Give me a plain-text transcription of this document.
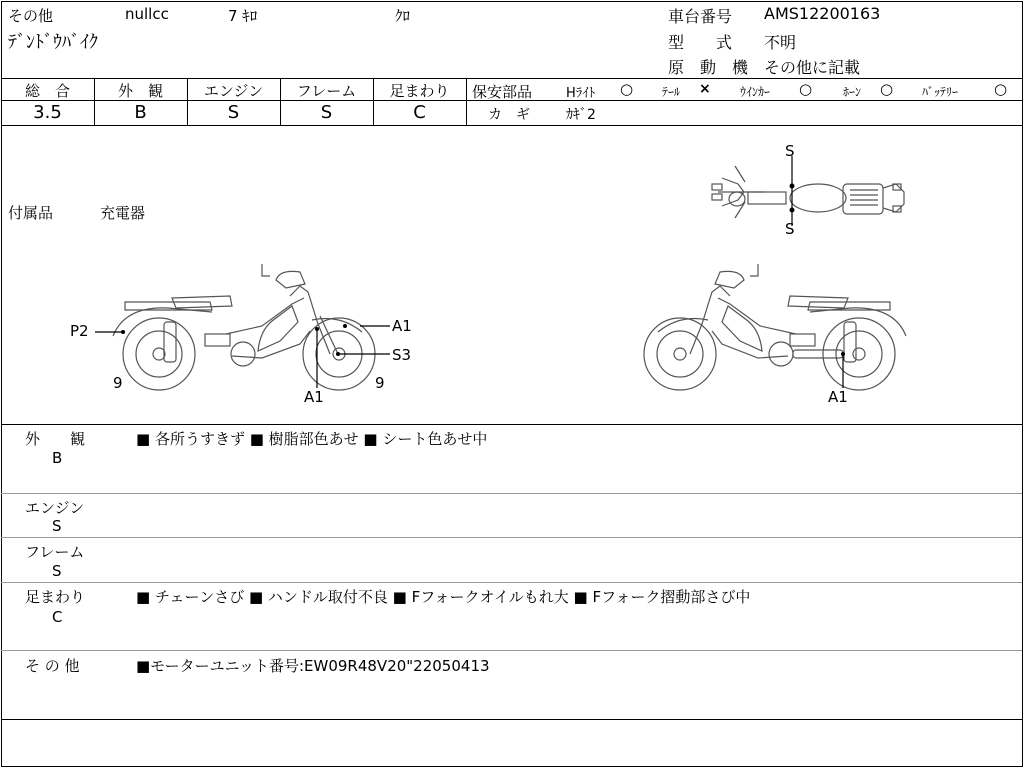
その他	nullcc	7 ｷﾛ	ｸﾛ
ﾃﾞﾝﾄﾞｳﾊﾞｲｸ
車台番号 AMS12200163
型　　式 不明
原　動　機 その他に記載
総　合	外　観	エンジン	フレーム	足まわり
3.5	B	S	S	C
保安部品	Hﾗｲﾄ ○ ﾃｰﾙ × ｳｲﾝｶｰ ○	ﾎｰﾝ ○ ﾊﾞｯﾃﾘｰ ○
カ　ギ	ｶｷﾞ2
付属品	充電器
S
S
P2	A1
S3
A1
9	9
A1
外　　観
B
■ 各所うすきず ■ 樹脂部色あせ ■ シート色あせ中
エンジン
S
フレーム
S
足まわり
C
■ チェーンさび ■ ハンドル取付不良 ■ Fフォークオイルもれ大 ■ Fフォーク摺動部さび中
そ の 他	■モーターユニット番号:EW09R48V20"22050413
